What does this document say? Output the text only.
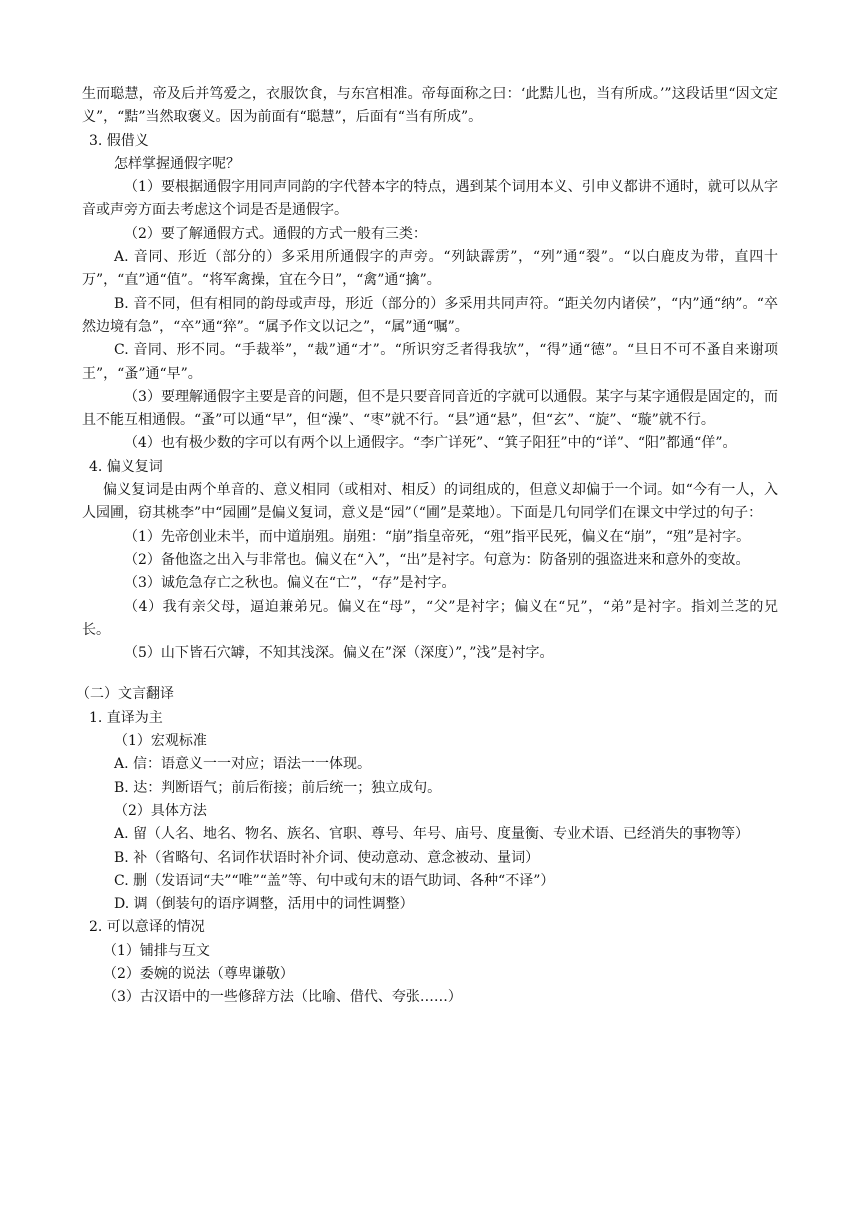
生而聪慧，帝及后并笃爱之，衣服饮食，与东宫相准。帝每面称之曰：‘此黠儿也，当有所成。’”这段话里“因文定义”，“黠”当然取褒义。因为前面有“聪慧”，后面有“当有所成”。

3. 假借义

怎样掌握通假字呢？

（1）要根据通假字用同声同韵的字代替本字的特点，遇到某个词用本义、引申义都讲不通时，就可以从字音或声旁方面去考虑这个词是否是通假字。

（2）要了解通假方式。通假的方式一般有三类：

A. 音同、形近（部分的）多采用所通假字的声旁。“列缺霹雳”，“列”通“裂”。“以白鹿皮为带，直四十万”，“直”通“值”。“将军禽操，宜在今日”，“禽”通“擒”。

B. 音不同，但有相同的韵母或声母，形近（部分的）多采用共同声符。“距关勿内诸侯”，“内”通“纳”。“卒然边境有急”，“卒”通“猝”。“属予作文以记之”，“属”通“嘱”。

C. 音同、形不同。“手裁举”，“裁”通“才”。“所识穷乏者得我欤”，“得”通“德”。“旦日不可不蚤自来谢项王”，“蚤”通“早”。

（3）要理解通假字主要是音的问题，但不是只要音同音近的字就可以通假。某字与某字通假是固定的，而且不能互相通假。“蚤”可以通“早”，但“澡”、“枣”就不行。“县”通“悬”，但“玄”、“旋”、“璇”就不行。

（4）也有极少数的字可以有两个以上通假字。“李广详死”、“箕子阳狂”中的“详”、“阳”都通“佯”。

4. 偏义复词

偏义复词是由两个单音的、意义相同（或相对、相反）的词组成的，但意义却偏于一个词。如“今有一人，入人园圃，窃其桃李”中“园圃”是偏义复词，意义是“园”（“圃”是菜地）。下面是几句同学们在课文中学过的句子：

（1）先帝创业未半，而中道崩殂。崩殂：“崩”指皇帝死，“殂”指平民死，偏义在“崩”，“殂”是衬字。

（2）备他盗之出入与非常也。偏义在“入”，“出”是衬字。句意为：防备别的强盗进来和意外的变故。

（3）诚危急存亡之秋也。偏义在“亡”，“存”是衬字。

（4）我有亲父母，逼迫兼弟兄。偏义在“母”，“父”是衬字；偏义在“兄”，“弟”是衬字。指刘兰芝的兄长。

（5）山下皆石穴罅，不知其浅深。偏义在”深（深度）”，”浅”是衬字。

（二）文言翻译

1. 直译为主

（1）宏观标准

A. 信：语意义一一对应；语法一一体现。

B. 达：判断语气；前后衔接；前后统一；独立成句。

（2）具体方法

A. 留（人名、地名、物名、族名、官职、尊号、年号、庙号、度量衡、专业术语、已经消失的事物等）

B. 补（省略句、名词作状语时补介词、使动意动、意念被动、量词）

C. 删（发语词“夫”“唯”“盖”等、句中或句末的语气助词、各种“不译”）

D. 调（倒装句的语序调整，活用中的词性调整）

2. 可以意译的情况

（1）铺排与互文

（2）委婉的说法（尊卑谦敬）

（3）古汉语中的一些修辞方法（比喻、借代、夸张……）
